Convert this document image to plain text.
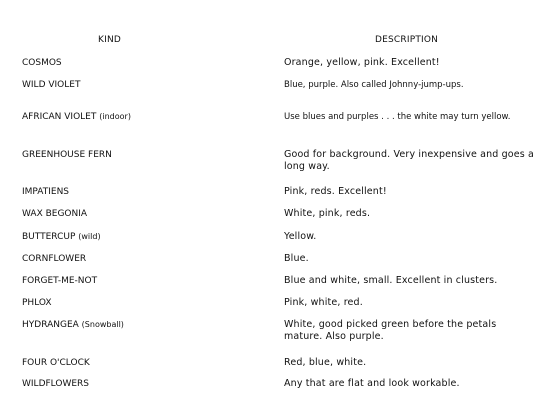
KIND	DESCRIPTION
COSMOS	Orange, yellow, pink. Excellent!
WILD VIOLET	Blue, purple. Also called Johnny-jump-ups.
AFRICAN VIOLET (indoor)	Use blues and purples . . . the white may turn yellow.
GREENHOUSE FERN	Good for background. Very inexpensive and goes a long way.
IMPATIENS	Pink, reds. Excellent!
WAX BEGONIA	White, pink, reds.
BUTTERCUP (wild)	Yellow.
CORNFLOWER	Blue.
FORGET-ME-NOT	Blue and white, small. Excellent in clusters.
PHLOX	Pink, white, red.
HYDRANGEA (Snowball)	White, good picked green before the petals mature. Also purple.
FOUR O'CLOCK	Red, blue, white.
WILDFLOWERS	Any that are flat and look workable.
